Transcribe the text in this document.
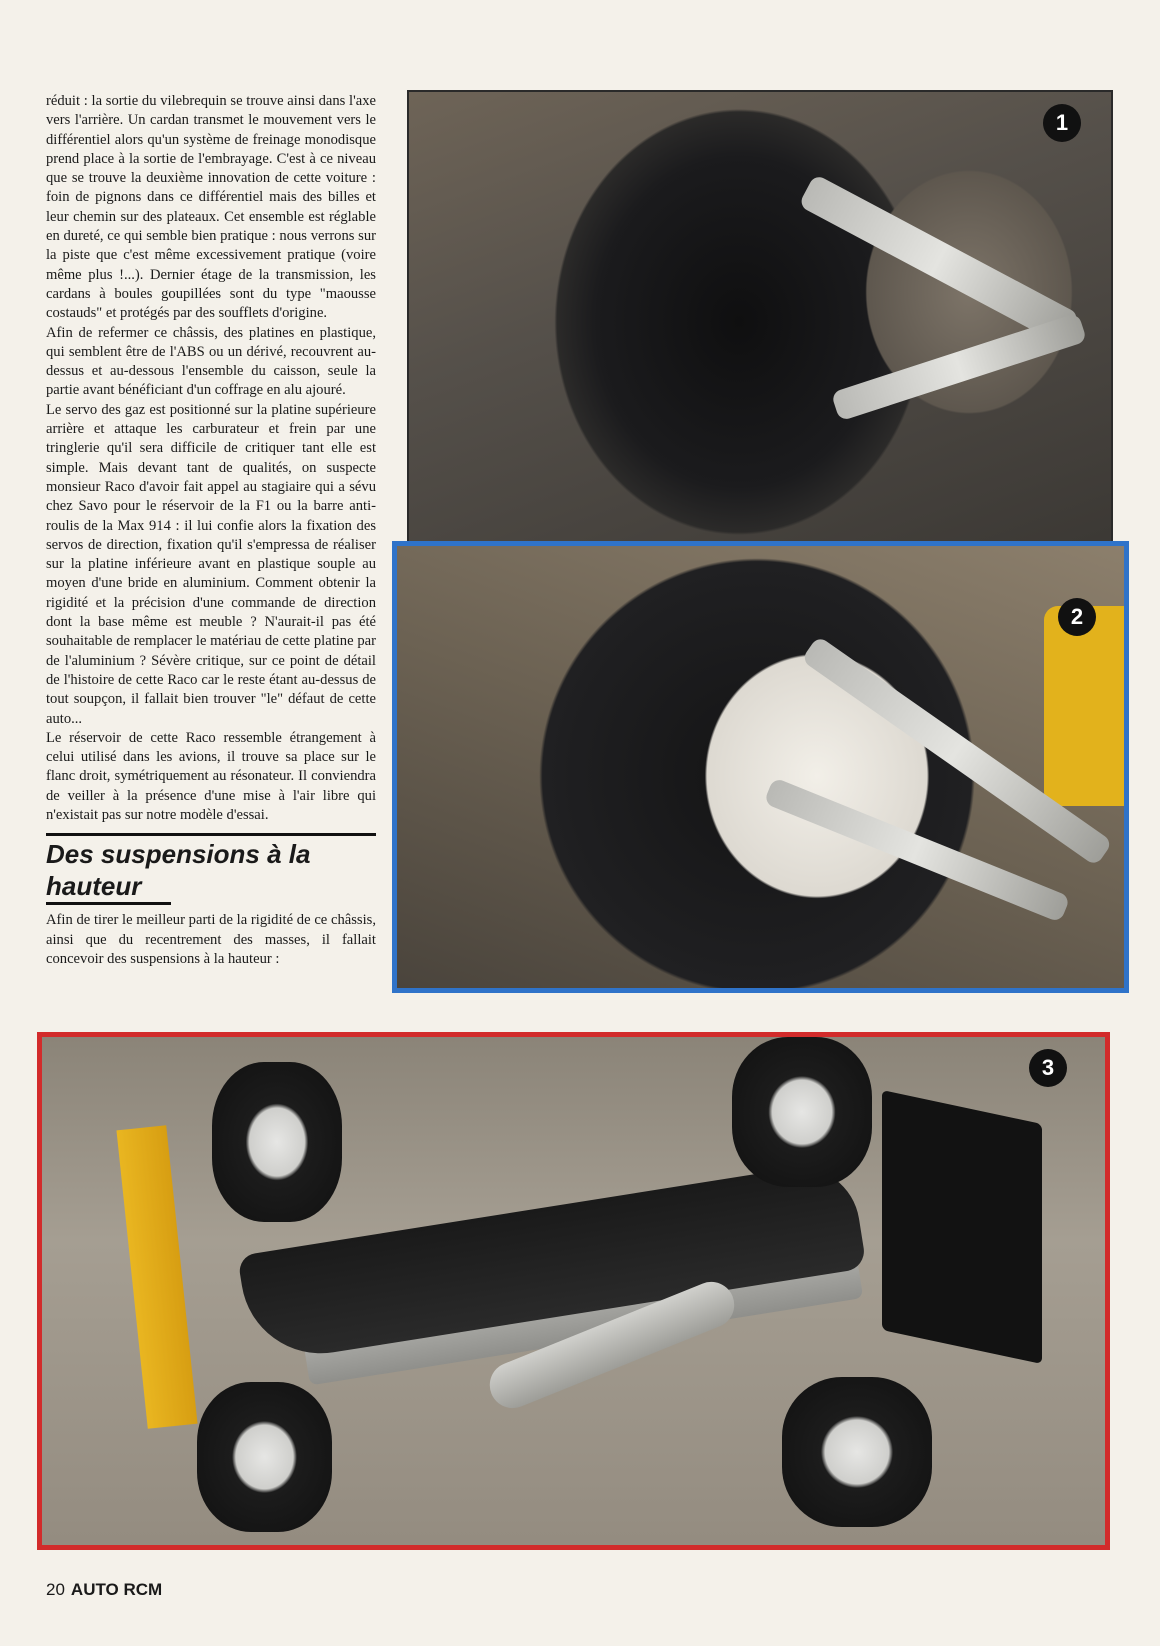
réduit : la sortie du vilebrequin se trouve ainsi dans l'axe vers l'arrière. Un cardan transmet le mouvement vers le différentiel alors qu'un système de freinage monodisque prend place à la sortie de l'embrayage. C'est à ce niveau que se trouve la deuxième innovation de cette voiture : foin de pignons dans ce différentiel mais des billes et leur chemin sur des plateaux. Cet ensemble est réglable en dureté, ce qui semble bien pratique : nous verrons sur la piste que c'est même excessivement pratique (voire même plus !...). Dernier étage de la transmission, les cardans à boules goupillées sont du type "maousse costauds" et protégés par des soufflets d'origine.

Afin de refermer ce châssis, des platines en plastique, qui semblent être de l'ABS ou un dérivé, recouvrent au-dessus et au-dessous l'ensemble du caisson, seule la partie avant bénéficiant d'un coffrage en alu ajouré.

Le servo des gaz est positionné sur la platine supérieure arrière et attaque les carburateur et frein par une tringlerie qu'il sera difficile de critiquer tant elle est simple. Mais devant tant de qualités, on suspecte monsieur Raco d'avoir fait appel au stagiaire qui a sévu chez Savo pour le réservoir de la F1 ou la barre anti-roulis de la Max 914 : il lui confie alors la fixation des servos de direction, fixation qu'il s'empressa de réaliser sur la platine inférieure avant en plastique souple au moyen d'une bride en aluminium. Comment obtenir la rigidité et la précision d'une commande de direction dont la base même est meuble ? N'aurait-il pas été souhaitable de remplacer le matériau de cette platine par de l'aluminium ? Sévère critique, sur ce point de détail de l'histoire de cette Raco car le reste étant au-dessus de tout soupçon, il fallait bien trouver "le" défaut de cette auto...

Le réservoir de cette Raco ressemble étrangement à celui utilisé dans les avions, il trouve sa place sur le flanc droit, symétriquement au résonateur. Il conviendra de veiller à la présence d'une mise à l'air libre qui n'existait pas sur notre modèle d'essai.

Des suspensions à la
hauteur

Afin de tirer le meilleur parti de la rigidité de ce châssis, ainsi que du recentrement des masses, il fallait concevoir des suspensions à la hauteur :

1
2
3
20 AUTO RCM
